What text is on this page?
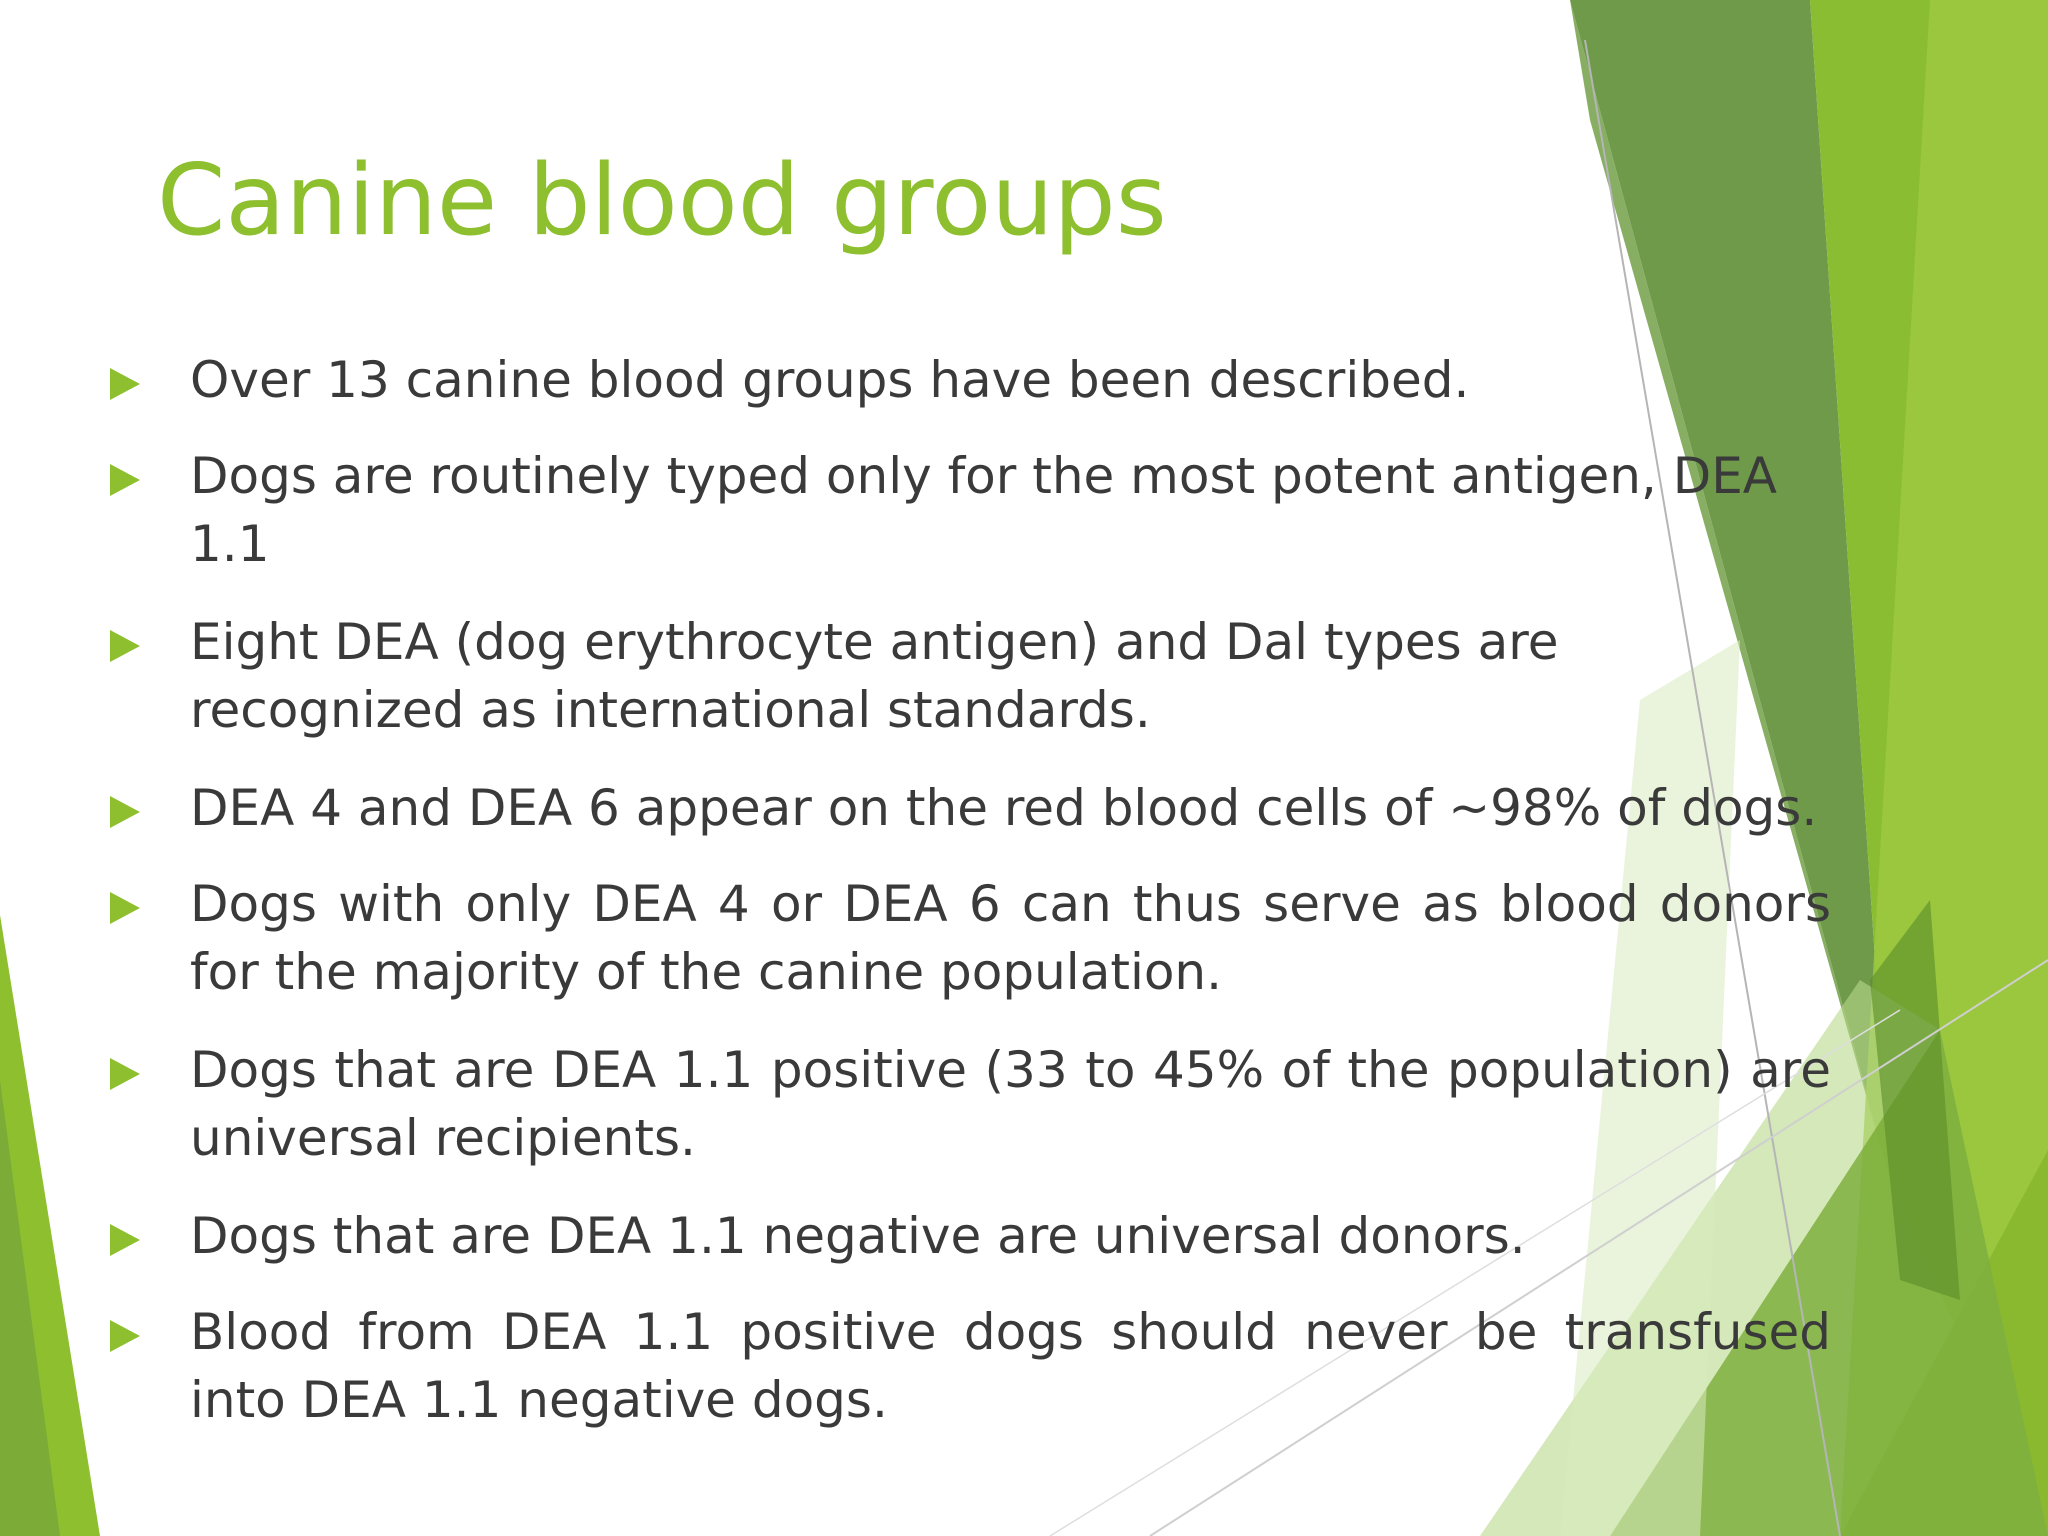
Canine blood groups
Over 13 canine blood groups have been described.
Dogs are routinely typed only for the most potent antigen, DEA 1.1
Eight DEA (dog erythrocyte antigen) and Dal types are recognized as international standards.
DEA 4 and DEA 6 appear on the red blood cells of ~98% of dogs.
Dogs with only DEA 4 or DEA 6 can thus serve as blood donors for the majority of the canine population.
Dogs that are DEA 1.1 positive (33 to 45% of the population) are universal recipients.
Dogs that are DEA 1.1 negative are universal donors.
Blood from DEA 1.1 positive dogs should never be transfused into DEA 1.1 negative dogs.
